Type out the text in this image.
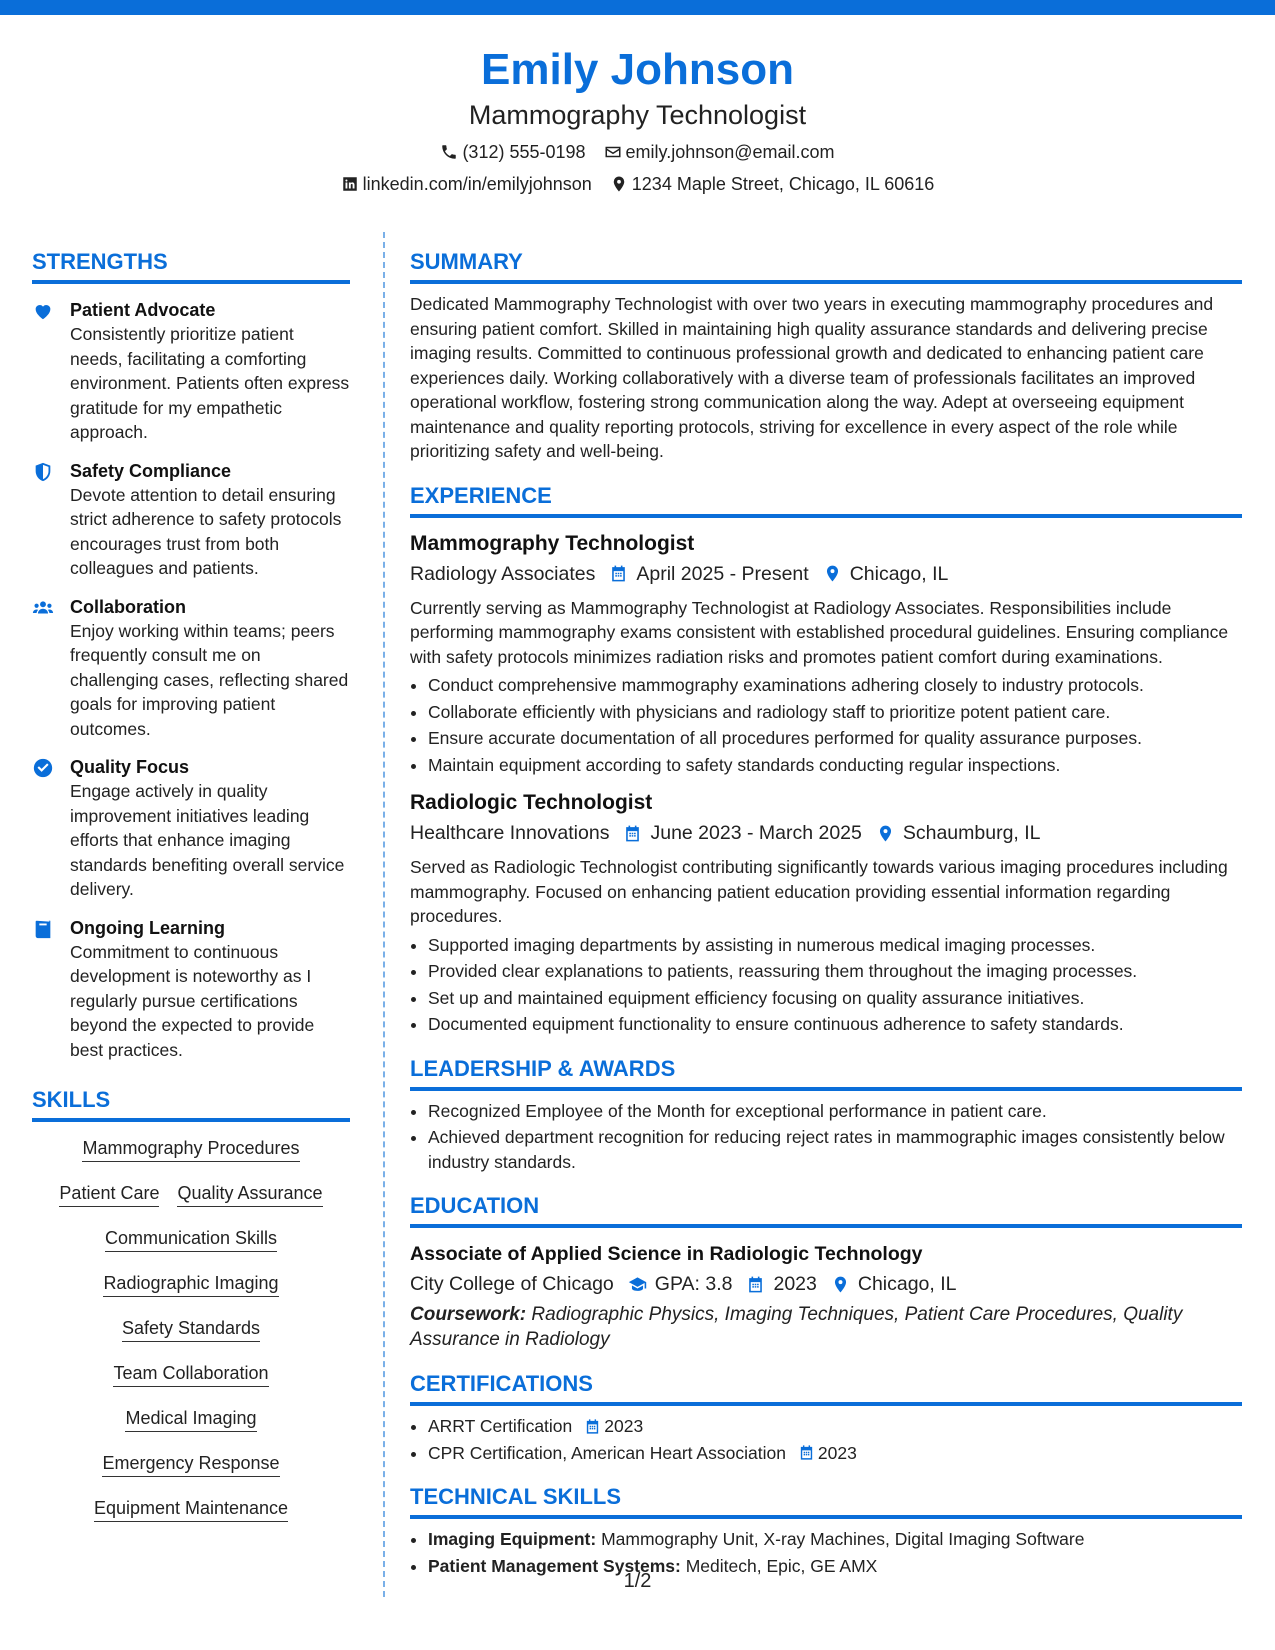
Emily Johnson
Mammography Technologist
(312) 555-0198 emily.johnson@email.com
linkedin.com/in/emilyjohnson 1234 Maple Street, Chicago, IL 60616
STRENGTHS
Patient Advocate
Consistently prioritize patient needs, facilitating a comforting environment. Patients often express gratitude for my empathetic approach.
Safety Compliance
Devote attention to detail ensuring strict adherence to safety protocols encourages trust from both colleagues and patients.
Collaboration
Enjoy working within teams; peers frequently consult me on challenging cases, reflecting shared goals for improving patient outcomes.
Quality Focus
Engage actively in quality improvement initiatives leading efforts that enhance imaging standards benefiting overall service delivery.
Ongoing Learning
Commitment to continuous development is noteworthy as I regularly pursue certifications beyond the expected to provide best practices.
SKILLS
Mammography Procedures
Patient Care Quality Assurance
Communication Skills
Radiographic Imaging
Safety Standards
Team Collaboration
Medical Imaging
Emergency Response
Equipment Maintenance
SUMMARY
Dedicated Mammography Technologist with over two years in executing mammography procedures and ensuring patient comfort. Skilled in maintaining high quality assurance standards and delivering precise imaging results. Committed to continuous professional growth and dedicated to enhancing patient care experiences daily. Working collaboratively with a diverse team of professionals facilitates an improved operational workflow, fostering strong communication along the way. Adept at overseeing equipment maintenance and quality reporting protocols, striving for excellence in every aspect of the role while prioritizing safety and well-being.
EXPERIENCE
Mammography Technologist
Radiology Associates April 2025 - Present Chicago, IL
Currently serving as Mammography Technologist at Radiology Associates. Responsibilities include performing mammography exams consistent with established procedural guidelines. Ensuring compliance with safety protocols minimizes radiation risks and promotes patient comfort during examinations.
• Conduct comprehensive mammography examinations adhering closely to industry protocols.
• Collaborate efficiently with physicians and radiology staff to prioritize potent patient care.
• Ensure accurate documentation of all procedures performed for quality assurance purposes.
• Maintain equipment according to safety standards conducting regular inspections.
Radiologic Technologist
Healthcare Innovations June 2023 - March 2025 Schaumburg, IL
Served as Radiologic Technologist contributing significantly towards various imaging procedures including mammography. Focused on enhancing patient education providing essential information regarding procedures.
• Supported imaging departments by assisting in numerous medical imaging processes.
• Provided clear explanations to patients, reassuring them throughout the imaging processes.
• Set up and maintained equipment efficiency focusing on quality assurance initiatives.
• Documented equipment functionality to ensure continuous adherence to safety standards.
LEADERSHIP & AWARDS
• Recognized Employee of the Month for exceptional performance in patient care.
• Achieved department recognition for reducing reject rates in mammographic images consistently below industry standards.
EDUCATION
Associate of Applied Science in Radiologic Technology
City College of Chicago GPA: 3.8 2023 Chicago, IL
Coursework: Radiographic Physics, Imaging Techniques, Patient Care Procedures, Quality Assurance in Radiology
CERTIFICATIONS
• ARRT Certification 2023
• CPR Certification, American Heart Association 2023
TECHNICAL SKILLS
• Imaging Equipment: Mammography Unit, X-ray Machines, Digital Imaging Software
• Patient Management Systems: Meditech, Epic, GE AMX
1/2
